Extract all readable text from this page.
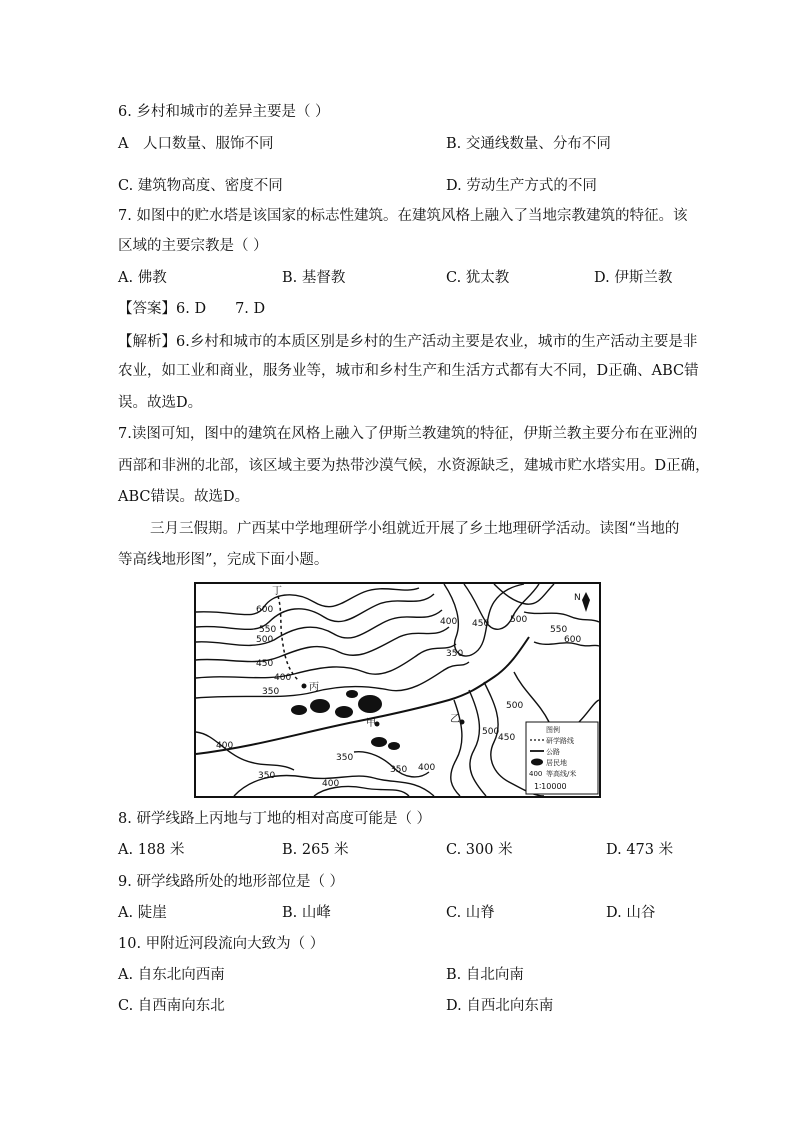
6. 乡村和城市的差异主要是（ ）
A　人口数量、服饰不同	B. 交通线数量、分布不同
C. 建筑物高度、密度不同	D. 劳动生产方式的不同
7. 如图中的贮水塔是该国家的标志性建筑。在建筑风格上融入了当地宗教建筑的特征。该
区域的主要宗教是（ ）
A. 佛教	B. 基督教	C. 犹太教	D. 伊斯兰教
【答案】6. D　　7. D
【解析】6.乡村和城市的本质区别是乡村的生产活动主要是农业，城市的生产活动主要是非
农业，如工业和商业，服务业等，城市和乡村生产和生活方式都有大不同，D正确、ABC错
误。故选D。
7.读图可知，图中的建筑在风格上融入了伊斯兰教建筑的特征，伊斯兰教主要分布在亚洲的
西部和非洲的北部，该区域主要为热带沙漠气候，水资源缺乏，建城市贮水塔实用。D正确，
ABC错误。故选D。
三月三假期。广西某中学地理研学小组就近开展了乡土地理研学活动。读图“当地的
等高线地形图”，完成下面小题。
600
550
500
450
400
350
400 450 500
550
600
350
500
450
400
350
400
350
400
350
500
丁
丙
甲	乙
N
图例
研学路线
公路
居民地
400 等高线/米
1∶10000
8. 研学线路上丙地与丁地的相对高度可能是（ ）
A. 188 米	B. 265 米	C. 300 米	D. 473 米
9. 研学线路所处的地形部位是（ ）
A. 陡崖	B. 山峰	C. 山脊	D. 山谷
10. 甲附近河段流向大致为（ ）
A. 自东北向西南	B. 自北向南
C. 自西南向东北	D. 自西北向东南
